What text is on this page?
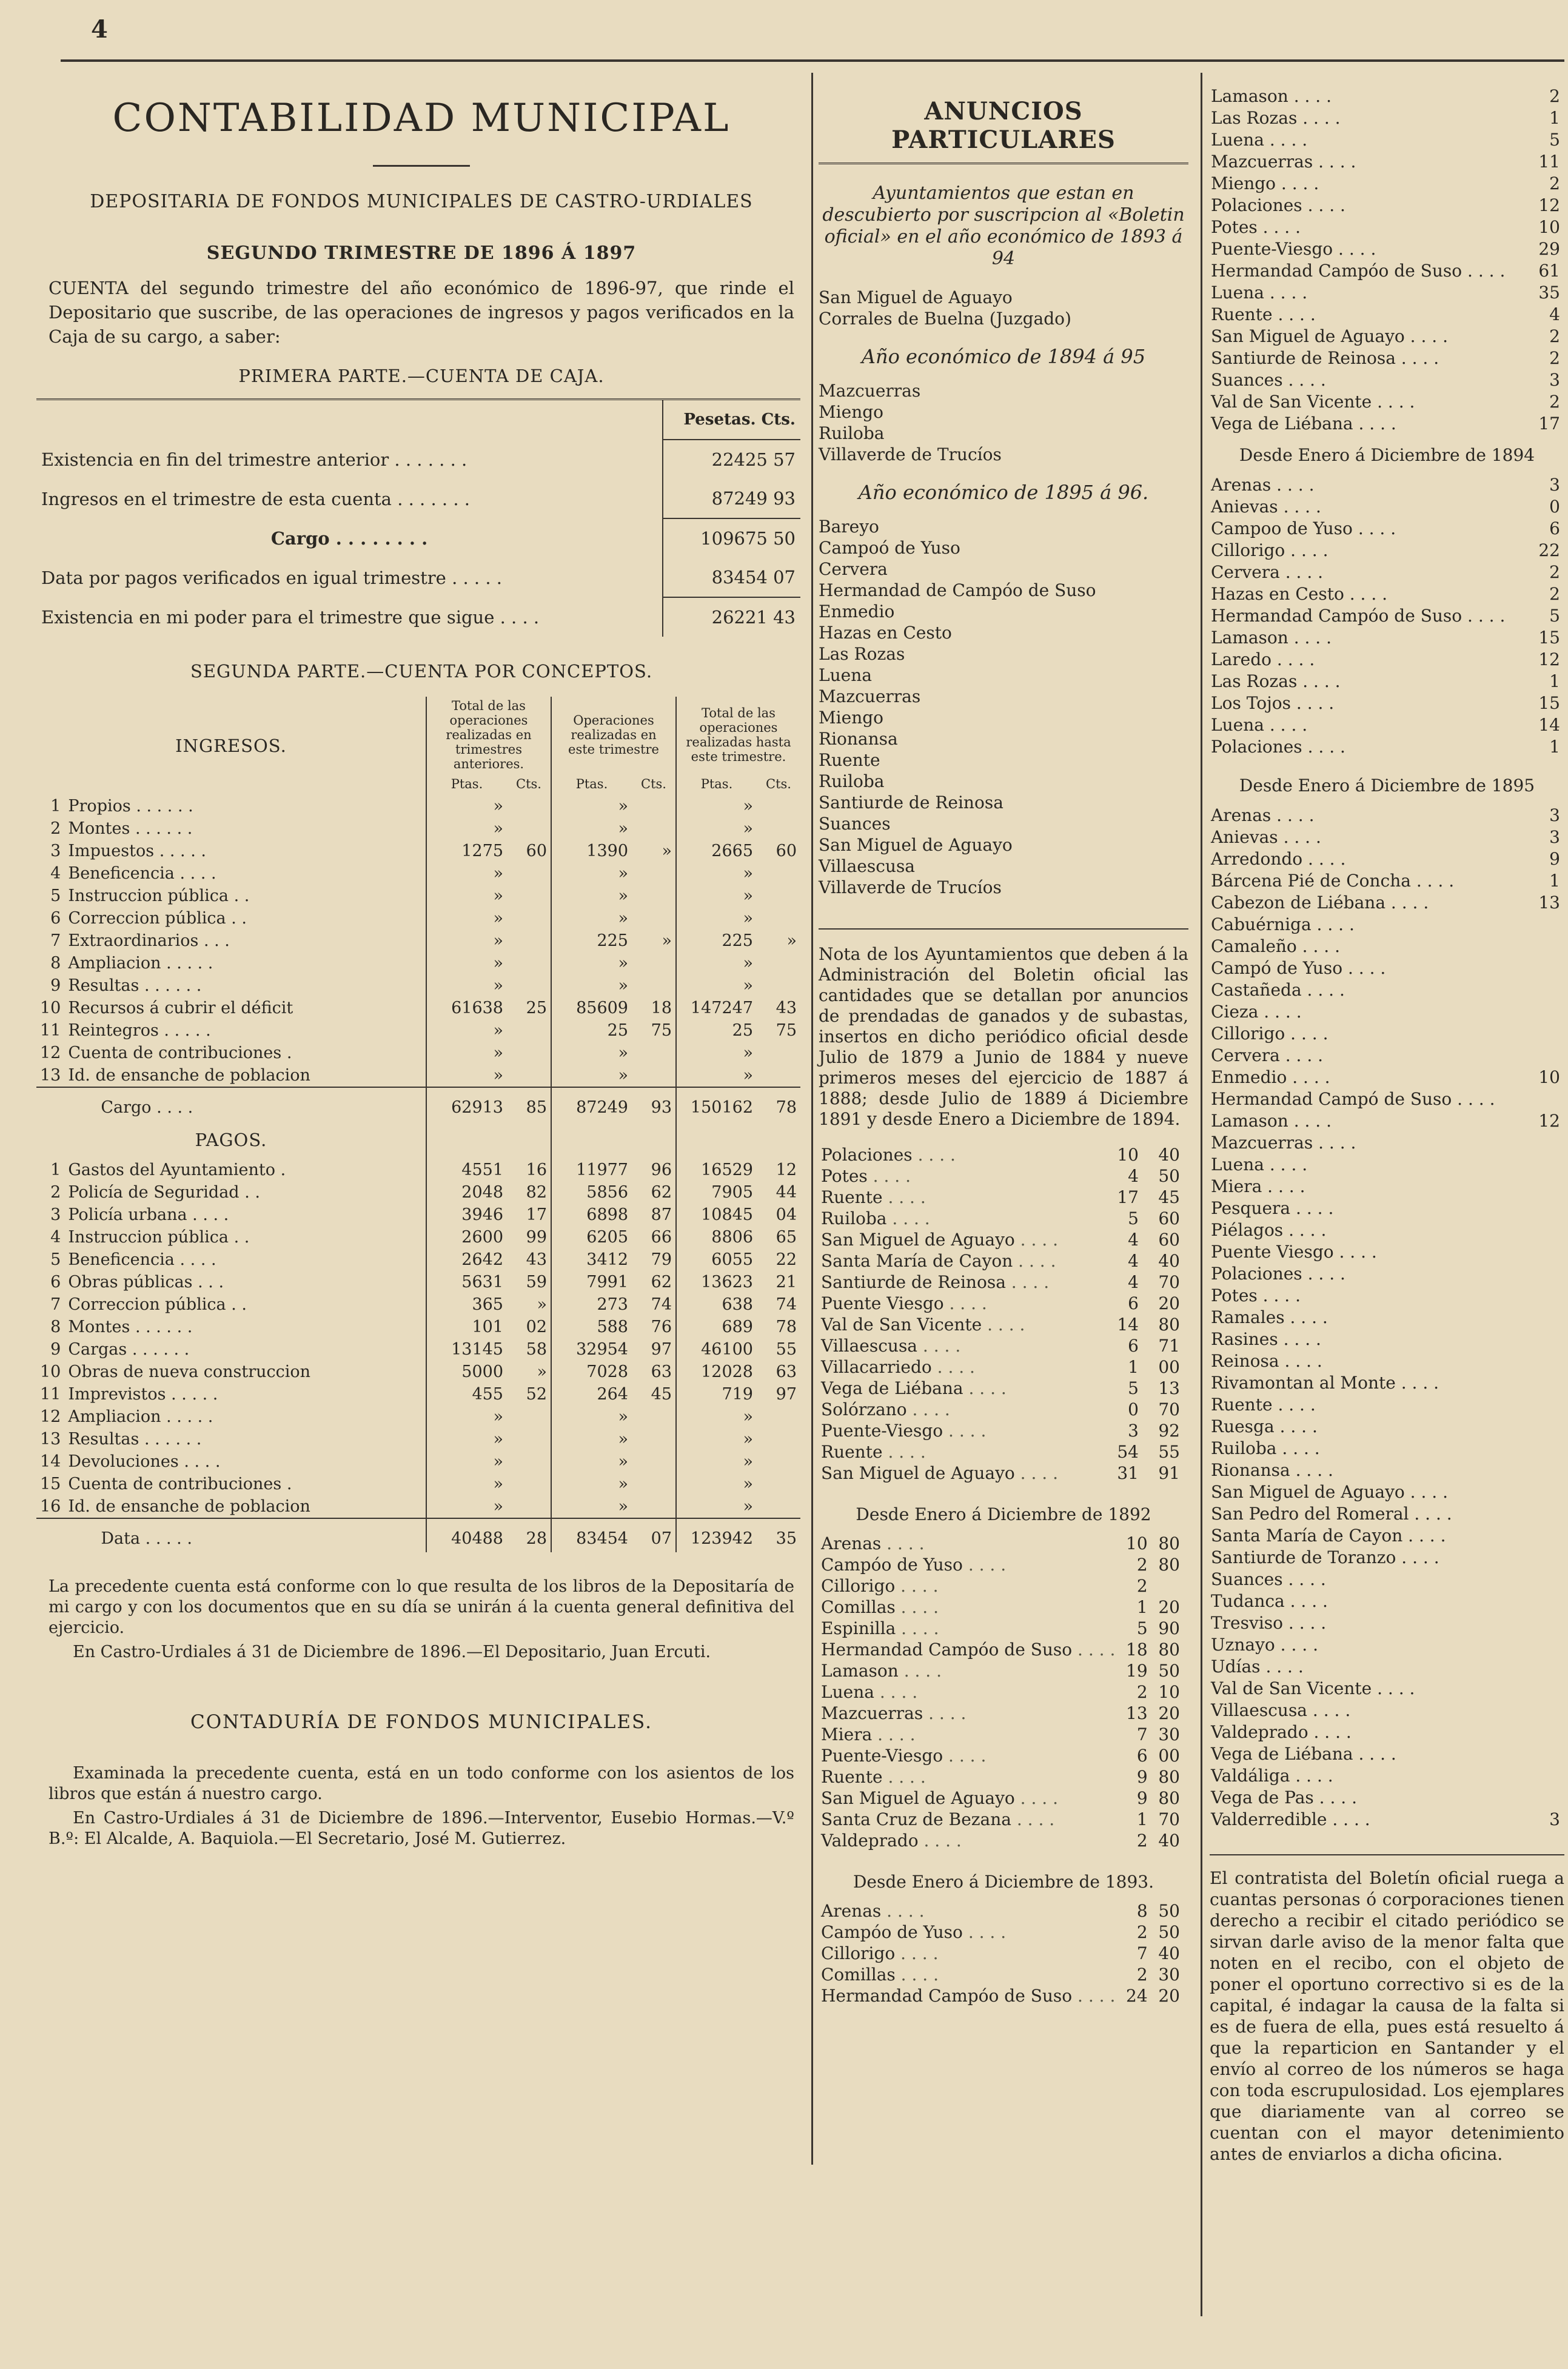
4
CONTABILIDAD MUNICIPAL
DEPOSITARIA DE FONDOS MUNICIPALES DE CASTRO-URDIALES
SEGUNDO TRIMESTRE DE 1896 Á 1897
CUENTA del segundo trimestre del año económico de 1896-97, que rinde el Depositario que suscribe, de las operaciones de ingresos y pagos verificados en la Caja de su cargo, a saber:
PRIMERA PARTE.—CUENTA DE CAJA.
	Pesetas. Cts.
Existencia en fin del trimestre anterior . . . . . . .	22425 57
Ingresos en el trimestre de esta cuenta . . . . . . .	87249 93
Cargo . . . . . . . .	109675 50
Data por pagos verificados en igual trimestre . . . . .	83454 07
Existencia en mi poder para el trimestre que sigue . . . .	26221 43
SEGUNDA PARTE.—CUENTA POR CONCEPTOS.
INGRESOS.		Total de las operaciones realizadas en trimestres anteriores.		Operaciones realizadas en este trimestre		Total de las operaciones realizadas hasta este trimestre.	
		Ptas.	Cts.	Ptas.	Cts.	Ptas.	Cts.
1	Propios . . . . . .	»		»		»	
2	Montes . . . . . .	»		»		»	
3	Impuestos . . . . .	1275	60	1390	»	2665	60
4	Beneficencia . . . .	»		»		»	
5	Instruccion pública . .	»		»		»	
6	Correccion pública . .	»		»		»	
7	Extraordinarios . . .	»		225	»	225	»
8	Ampliacion . . . . .	»		»		»	
9	Resultas . . . . . .	»		»		»	
10	Recursos á cubrir el déficit	61638	25	85609	18	147247	43
11	Reintegros . . . . .	»		25	75	25	75
12	Cuenta de contribuciones .	»		»		»	
13	Id. de ensanche de poblacion	»		»		»	
	Cargo . . . .	62913	85	87249	93	150162	78
PAGOS.							
1	Gastos del Ayuntamiento .	4551	16	11977	96	16529	12
2	Policía de Seguridad . .	2048	82	5856	62	7905	44
3	Policía urbana . . . .	3946	17	6898	87	10845	04
4	Instruccion pública . .	2600	99	6205	66	8806	65
5	Beneficencia . . . .	2642	43	3412	79	6055	22
6	Obras públicas . . .	5631	59	7991	62	13623	21
7	Correccion pública . .	365	»	273	74	638	74
8	Montes . . . . . .	101	02	588	76	689	78
9	Cargas . . . . . .	13145	58	32954	97	46100	55
10	Obras de nueva construccion	5000	»	7028	63	12028	63
11	Imprevistos . . . . .	455	52	264	45	719	97
12	Ampliacion . . . . .	»		»		»	
13	Resultas . . . . . .	»		»		»	
14	Devoluciones . . . .	»		»		»	
15	Cuenta de contribuciones .	»		»		»	
16	Id. de ensanche de poblacion	»		»		»	
	Data . . . . .	40488	28	83454	07	123942	35
La precedente cuenta está conforme con lo que resulta de los libros de la Depositaría de mi cargo y con los documentos que en su día se unirán á la cuenta general definitiva del ejercicio.
En Castro-Urdiales á 31 de Diciembre de 1896.—El Depositario, Juan Ercuti.
CONTADURÍA DE FONDOS MUNICIPALES.
Examinada la precedente cuenta, está en un todo conforme con los asientos de los libros que están á nuestro cargo.
En Castro-Urdiales á 31 de Diciembre de 1896.—Interventor, Eusebio Hormas.—V.º B.º: El Alcalde, A. Baquiola.—El Secretario, José M. Gutierrez.
ANUNCIOS PARTICULARES
Ayuntamientos que estan en descubierto por suscripcion al «Boletin oficial» en el año económico de 1893 á 94
San Miguel de Aguayo
Corrales de Buelna (Juzgado)
Año económico de 1894 á 95
Mazcuerras
Miengo
Ruiloba
Villaverde de Trucíos
Año económico de 1895 á 96.
Bareyo
Campoó de Yuso
Cervera
Hermandad de Campóo de Suso
Enmedio
Hazas en Cesto
Las Rozas
Luena
Mazcuerras
Miengo
Rionansa
Ruente
Ruiloba
Santiurde de Reinosa
Suances
San Miguel de Aguayo
Villaescusa
Villaverde de Trucíos
Nota de los Ayuntamientos que deben á la Administración del Boletin oficial las cantidades que se detallan por anuncios de prendadas de ganados y de subastas, insertos en dicho periódico oficial desde Julio de 1879 a Junio de 1884 y nueve primeros meses del ejercicio de 1887 á 1888; desde Julio de 1889 á Diciembre 1891 y desde Enero a Diciembre de 1894.
Polaciones . . . .	10	40
Potes . . . .	4	50
Ruente . . . .	17	45
Ruiloba . . . .	5	60
San Miguel de Aguayo . . . .	4	60
Santa María de Cayon . . . .	4	40
Santiurde de Reinosa . . . .	4	70
Puente Viesgo . . . .	6	20
Val de San Vicente . . . .	14	80
Villaescusa . . . .	6	71
Villacarriedo . . . .	1	00
Vega de Liébana . . . .	5	13
Solórzano . . . .	0	70
Puente-Viesgo . . . .	3	92
Ruente . . . .	54	55
San Miguel de Aguayo . . . .	31	91
Desde Enero á Diciembre de 1892
Arenas . . . .	10	80
Campóo de Yuso . . . .	2	80
Cillorigo . . . .	2	
Comillas . . . .	1	20
Espinilla . . . .	5	90
Hermandad Campóo de Suso . . . .	18	80
Lamason . . . .	19	50
Luena . . . .	2	10
Mazcuerras . . . .	13	20
Miera . . . .	7	30
Puente-Viesgo . . . .	6	00
Ruente . . . .	9	80
San Miguel de Aguayo . . . .	9	80
Santa Cruz de Bezana . . . .	1	70
Valdeprado . . . .	2	40
Desde Enero á Diciembre de 1893.
Arenas . . . .	8	50
Campóo de Yuso . . . .	2	50
Cillorigo . . . .	7	40
Comillas . . . .	2	30
Hermandad Campóo de Suso . . . .	24	20
Lamason . . . .	2
Las Rozas . . . .	1
Luena . . . .	5
Mazcuerras . . . .	11
Miengo . . . .	2
Polaciones . . . .	12
Potes . . . .	10
Puente-Viesgo . . . .	29
Hermandad Campóo de Suso . . . .	61
Luena . . . .	35
Ruente . . . .	4
San Miguel de Aguayo . . . .	2
Santiurde de Reinosa . . . .	2
Suances . . . .	3
Val de San Vicente . . . .	2
Vega de Liébana . . . .	17
Desde Enero á Diciembre de 1894
Arenas . . . .	3
Anievas . . . .	0
Campoo de Yuso . . . .	6
Cillorigo . . . .	22
Cervera . . . .	2
Hazas en Cesto . . . .	2
Hermandad Campóo de Suso . . . .	5
Lamason . . . .	15
Laredo . . . .	12
Las Rozas . . . .	1
Los Tojos . . . .	15
Luena . . . .	14
Polaciones . . . .	1
Desde Enero á Diciembre de 1895
Arenas . . . .	3
Anievas . . . .	3
Arredondo . . . .	9
Bárcena Pié de Concha . . . .	1
Cabezon de Liébana . . . .	13
Cabuérniga . . . .	
Camaleño . . . .	
Campó de Yuso . . . .	
Castañeda . . . .	
Cieza . . . .	
Cillorigo . . . .	
Cervera . . . .	
Enmedio . . . .	10
Hermandad Campó de Suso . . . .	
Lamason . . . .	12
Mazcuerras . . . .	
Luena . . . .	
Miera . . . .	
Pesquera . . . .	
Piélagos . . . .	
Puente Viesgo . . . .	
Polaciones . . . .	
Potes . . . .	
Ramales . . . .	
Rasines . . . .	
Reinosa . . . .	
Rivamontan al Monte . . . .	
Ruente . . . .	
Ruesga . . . .	
Ruiloba . . . .	
Rionansa . . . .	
San Miguel de Aguayo . . . .	
San Pedro del Romeral . . . .	
Santa María de Cayon . . . .	
Santiurde de Toranzo . . . .	
Suances . . . .	
Tudanca . . . .	
Tresviso . . . .	
Uznayo . . . .	
Udías . . . .	
Val de San Vicente . . . .	
Villaescusa . . . .	
Valdeprado . . . .	
Vega de Liébana . . . .	
Valdáliga . . . .	
Vega de Pas . . . .	
Valderredible . . . .	3
El contratista del Boletín oficial ruega a cuantas personas ó corporaciones tienen derecho a recibir el citado periódico se sirvan darle aviso de la menor falta que noten en el recibo, con el objeto de poner el oportuno correctivo si es de la capital, é indagar la causa de la falta si es de fuera de ella, pues está resuelto á que la reparticion en Santander y el envío al correo de los números se haga con toda escrupulosidad. Los ejemplares que diariamente van al correo se cuentan con el mayor detenimiento antes de enviarlos a dicha oficina.
